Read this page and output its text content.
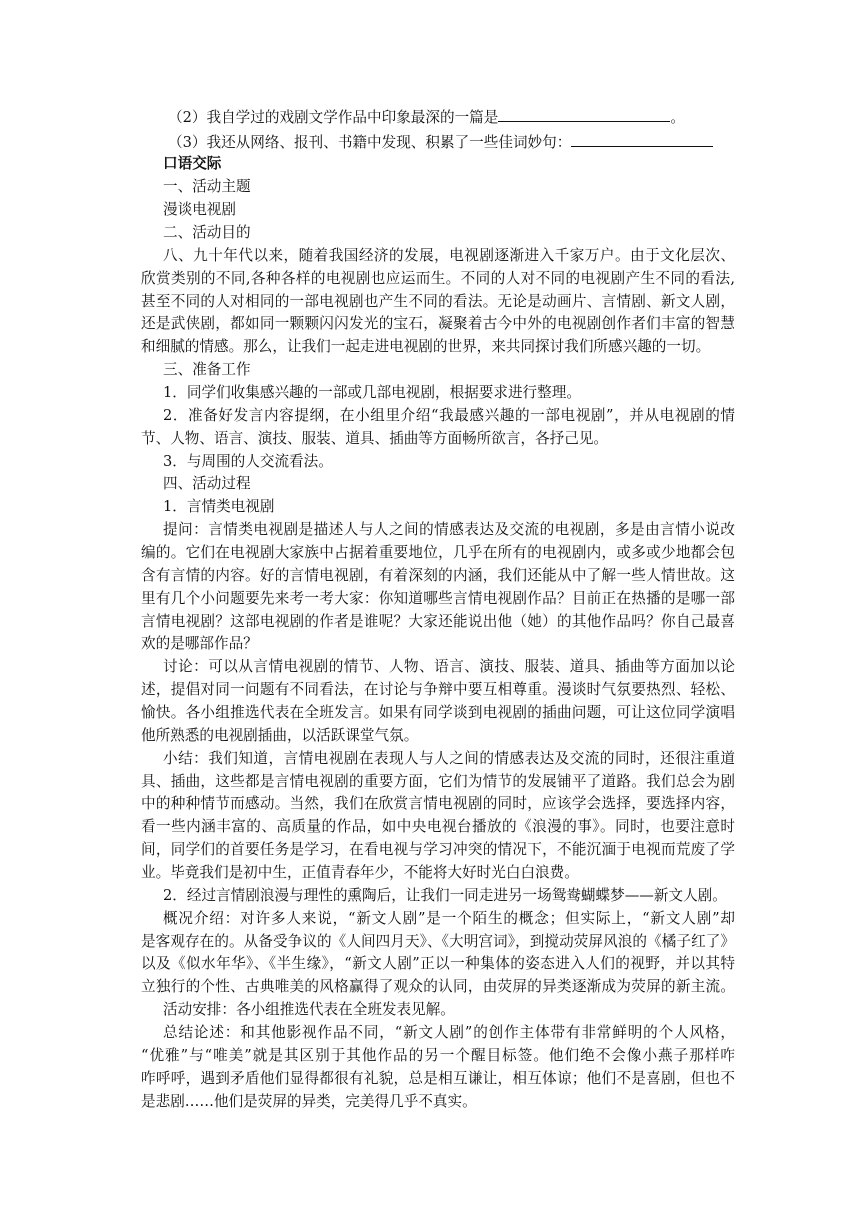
（2）我自学过的戏剧文学作品中印象最深的一篇是	。
（3）我还从网络、报刊、书籍中发现、积累了一些佳词妙句：
口语交际
一、活动主题
漫谈电视剧
二、活动目的
八、九十年代以来，随着我国经济的发展，电视剧逐渐进入千家万户。由于文化层次、
欣赏类别的不同,各种各样的电视剧也应运而生。不同的人对不同的电视剧产生不同的看法,
甚至不同的人对相同的一部电视剧也产生不同的看法。无论是动画片、言情剧、新文人剧，
还是武侠剧，都如同一颗颗闪闪发光的宝石，凝聚着古今中外的电视剧创作者们丰富的智慧
和细腻的情感。那么，让我们一起走进电视剧的世界，来共同探讨我们所感兴趣的一切。
三、准备工作
1．同学们收集感兴趣的一部或几部电视剧，根据要求进行整理。
2．准备好发言内容提纲，在小组里介绍“我最感兴趣的一部电视剧”，并从电视剧的情
节、人物、语言、演技、服装、道具、插曲等方面畅所欲言，各抒己见。
3．与周围的人交流看法。
四、活动过程
1．言情类电视剧
提问：言情类电视剧是描述人与人之间的情感表达及交流的电视剧，多是由言情小说改
编的。它们在电视剧大家族中占据着重要地位，几乎在所有的电视剧内，或多或少地都会包
含有言情的内容。好的言情电视剧，有着深刻的内涵，我们还能从中了解一些人情世故。这
里有几个小问题要先来考一考大家：你知道哪些言情电视剧作品？目前正在热播的是哪一部
言情电视剧？这部电视剧的作者是谁呢？大家还能说出他（她）的其他作品吗？你自己最喜
欢的是哪部作品？
讨论：可以从言情电视剧的情节、人物、语言、演技、服装、道具、插曲等方面加以论
述，提倡对同一问题有不同看法，在讨论与争辩中要互相尊重。漫谈时气氛要热烈、轻松、
愉快。各小组推选代表在全班发言。如果有同学谈到电视剧的插曲问题，可让这位同学演唱
他所熟悉的电视剧插曲，以活跃课堂气氛。
小结：我们知道，言情电视剧在表现人与人之间的情感表达及交流的同时，还很注重道
具、插曲，这些都是言情电视剧的重要方面，它们为情节的发展铺平了道路。我们总会为剧
中的种种情节而感动。当然，我们在欣赏言情电视剧的同时，应该学会选择，要选择内容，
看一些内涵丰富的、高质量的作品，如中央电视台播放的《浪漫的事》。同时，也要注意时
间，同学们的首要任务是学习，在看电视与学习冲突的情况下，不能沉湎于电视而荒废了学
业。毕竟我们是初中生，正值青春年少，不能将大好时光白白浪费。
2．经过言情剧浪漫与理性的熏陶后，让我们一同走进另一场鸳鸯蝴蝶梦——新文人剧。
概况介绍：对许多人来说，“新文人剧”是一个陌生的概念；但实际上，“新文人剧”却
是客观存在的。从备受争议的《人间四月天》、《大明宫词》，到搅动荧屏风浪的《橘子红了》
以及《似水年华》、《半生缘》，“新文人剧”正以一种集体的姿态进入人们的视野，并以其特
立独行的个性、古典唯美的风格赢得了观众的认同，由荧屏的异类逐渐成为荧屏的新主流。
活动安排：各小组推选代表在全班发表见解。
总结论述：和其他影视作品不同，“新文人剧”的创作主体带有非常鲜明的个人风格，
“优雅”与“唯美”就是其区别于其他作品的另一个醒目标签。他们绝不会像小燕子那样咋
咋呼呼，遇到矛盾他们显得都很有礼貌，总是相互谦让，相互体谅；他们不是喜剧，但也不
是悲剧……他们是荧屏的异类，完美得几乎不真实。
